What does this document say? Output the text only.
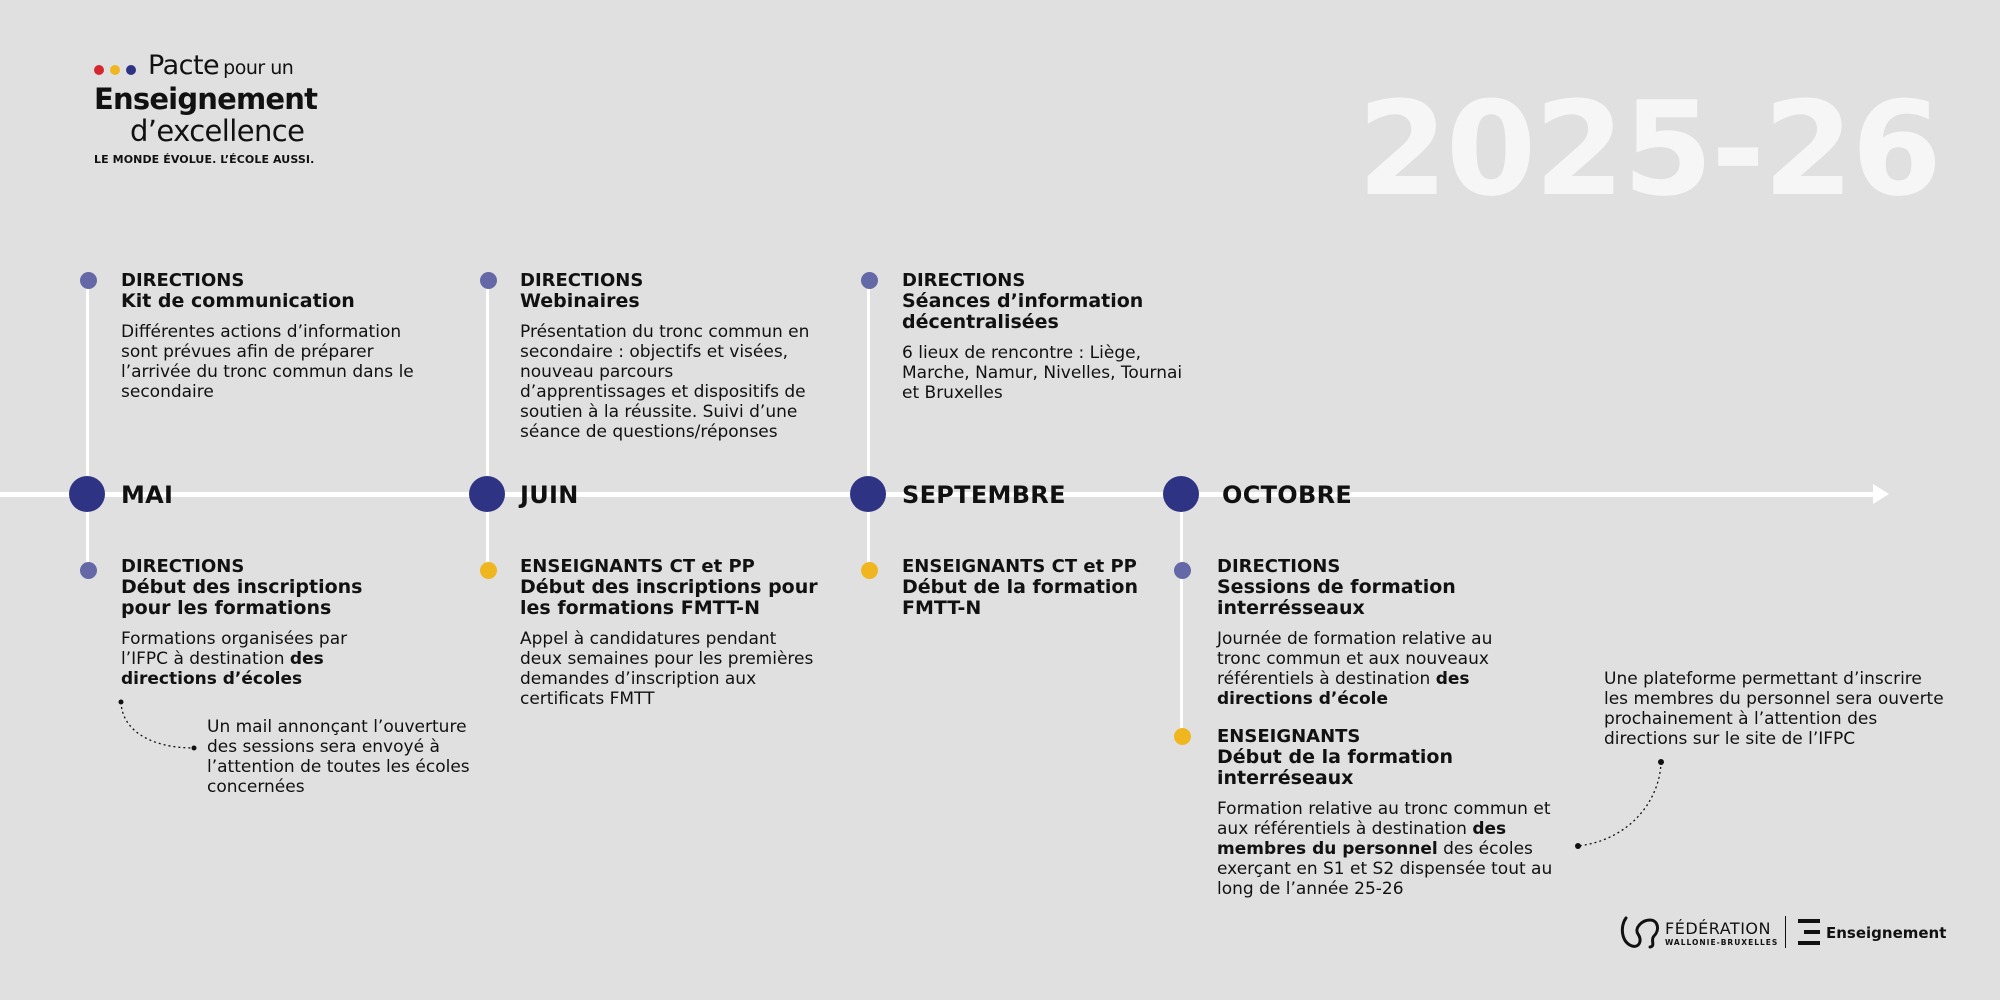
Pacte pour un
Enseignement
d’excellence
LE MONDE ÉVOLUE. L’ÉCOLE AUSSI.	2025-26
MAI	JUIN	SEPTEMBRE	OCTOBRE
DIRECTIONS
Kit de communication
Différentes actions d’information sont prévues afin de préparer l’arrivée du tronc commun dans le secondaire
DIRECTIONS
Webinaires
Présentation du tronc commun en secondaire : objectifs et visées, nouveau parcours d’apprentissages et dispositifs de soutien à la réussite. Suivi d’une séance de questions/réponses
DIRECTIONS
Séances d’information décentralisées
6 lieux de rencontre : Liège, Marche, Namur, Nivelles, Tournai et Bruxelles
DIRECTIONS
Début des inscriptions pour les formations
Formations organisées par l’IFPC à destination des directions d’écoles
ENSEIGNANTS CT et PP
Début des inscriptions pour les formations FMTT-N
Appel à candidatures pendant deux semaines pour les premières demandes d’inscription aux certificats FMTT
ENSEIGNANTS CT et PP
Début de la formation FMTT-N
DIRECTIONS
Sessions de formation interrésseaux
Journée de formation relative au tronc commun et aux nouveaux référentiels à destination des directions d’école
ENSEIGNANTS
Début de la formation interréseaux
Formation relative au tronc commun et aux référentiels à destination des membres du personnel des écoles exerçant en S1 et S2 dispensée tout au long de l’année 25-26
Un mail annonçant l’ouverture des sessions sera envoyé à l’attention de toutes les écoles concernées
Une plateforme permettant d’inscrire les membres du personnel sera ouverte prochainement à l’attention des directions sur le site de l’IFPC
FÉDÉRATION
WALLONIE-BRUXELLES
Enseignement
